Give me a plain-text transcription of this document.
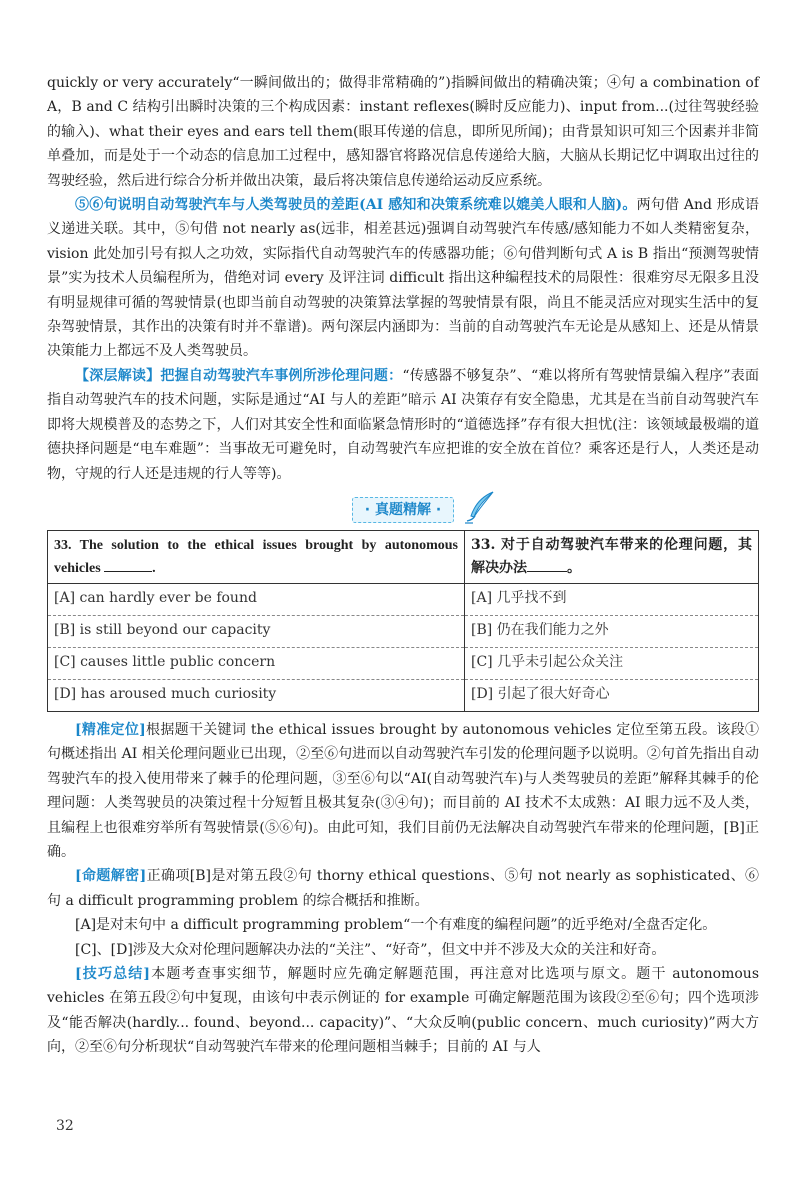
quickly or very accurately“一瞬间做出的；做得非常精确的”)指瞬间做出的精确决策；④句 a combination of A，B and C 结构引出瞬时决策的三个构成因素：instant reflexes(瞬时反应能力)、input from...(过往驾驶经验的输入)、what their eyes and ears tell them(眼耳传递的信息，即所见所闻)；由背景知识可知三个因素并非简单叠加，而是处于一个动态的信息加工过程中，感知器官将路况信息传递给大脑，大脑从长期记忆中调取出过往的驾驶经验，然后进行综合分析并做出决策，最后将决策信息传递给运动反应系统。

⑤⑥句说明自动驾驶汽车与人类驾驶员的差距(AI 感知和决策系统难以媲美人眼和人脑)。两句借 And 形成语义递进关联。其中，⑤句借 not nearly as(远非，相差甚远)强调自动驾驶汽车传感/感知能力不如人类精密复杂，vision 此处加引号有拟人之功效，实际指代自动驾驶汽车的传感器功能；⑥句借判断句式 A is B 指出“预测驾驶情景”实为技术人员编程所为，借绝对词 every 及评注词 difficult 指出这种编程技术的局限性：很难穷尽无限多且没有明显规律可循的驾驶情景(也即当前自动驾驶的决策算法掌握的驾驶情景有限，尚且不能灵活应对现实生活中的复杂驾驶情景，其作出的决策有时并不靠谱)。两句深层内涵即为：当前的自动驾驶汽车无论是从感知上、还是从情景决策能力上都远不及人类驾驶员。

【深层解读】把握自动驾驶汽车事例所涉伦理问题：“传感器不够复杂”、“难以将所有驾驶情景编入程序”表面指自动驾驶汽车的技术问题，实际是通过“AI 与人的差距”暗示 AI 决策存有安全隐患，尤其是在当前自动驾驶汽车即将大规模普及的态势之下，人们对其安全性和面临紧急情形时的“道德选择”存有很大担忧(注：该领域最极端的道德抉择问题是“电车难题”：当事故无可避免时，自动驾驶汽车应把谁的安全放在首位？乘客还是行人，人类还是动物，守规的行人还是违规的行人等等)。

· 真题精解 ·
33. The solution to the ethical issues brought by autonomous vehicles .	33. 对于自动驾驶汽车带来的伦理问题，其解决办法 。
[A] can hardly ever be found	[A] 几乎找不到
[B] is still beyond our capacity	[B] 仍在我们能力之外
[C] causes little public concern	[C] 几乎未引起公众关注
[D] has aroused much curiosity	[D] 引起了很大好奇心

[精准定位]根据题干关键词 the ethical issues brought by autonomous vehicles 定位至第五段。该段①句概述指出 AI 相关伦理问题业已出现，②至⑥句进而以自动驾驶汽车引发的伦理问题予以说明。②句首先指出自动驾驶汽车的投入使用带来了棘手的伦理问题，③至⑥句以“AI(自动驾驶汽车)与人类驾驶员的差距”解释其棘手的伦理问题：人类驾驶员的决策过程十分短暂且极其复杂(③④句)；而目前的 AI 技术不太成熟：AI 眼力远不及人类，且编程上也很难穷举所有驾驶情景(⑤⑥句)。由此可知，我们目前仍无法解决自动驾驶汽车带来的伦理问题，[B]正确。

[命题解密]正确项[B]是对第五段②句 thorny ethical questions、⑤句 not nearly as sophisticated、⑥句 a difficult programming problem 的综合概括和推断。

[A]是对末句中 a difficult programming problem“一个有难度的编程问题”的近乎绝对/全盘否定化。

[C]、[D]涉及大众对伦理问题解决办法的“关注”、“好奇”，但文中并不涉及大众的关注和好奇。

[技巧总结]本题考查事实细节，解题时应先确定解题范围，再注意对比选项与原文。题干 autonomous vehicles 在第五段②句中复现，由该句中表示例证的 for example 可确定解题范围为该段②至⑥句；四个选项涉及“能否解决(hardly... found、beyond... capacity)”、“大众反响(public concern、much curiosity)”两大方向，②至⑥句分析现状“自动驾驶汽车带来的伦理问题相当棘手；目前的 AI 与人

32
